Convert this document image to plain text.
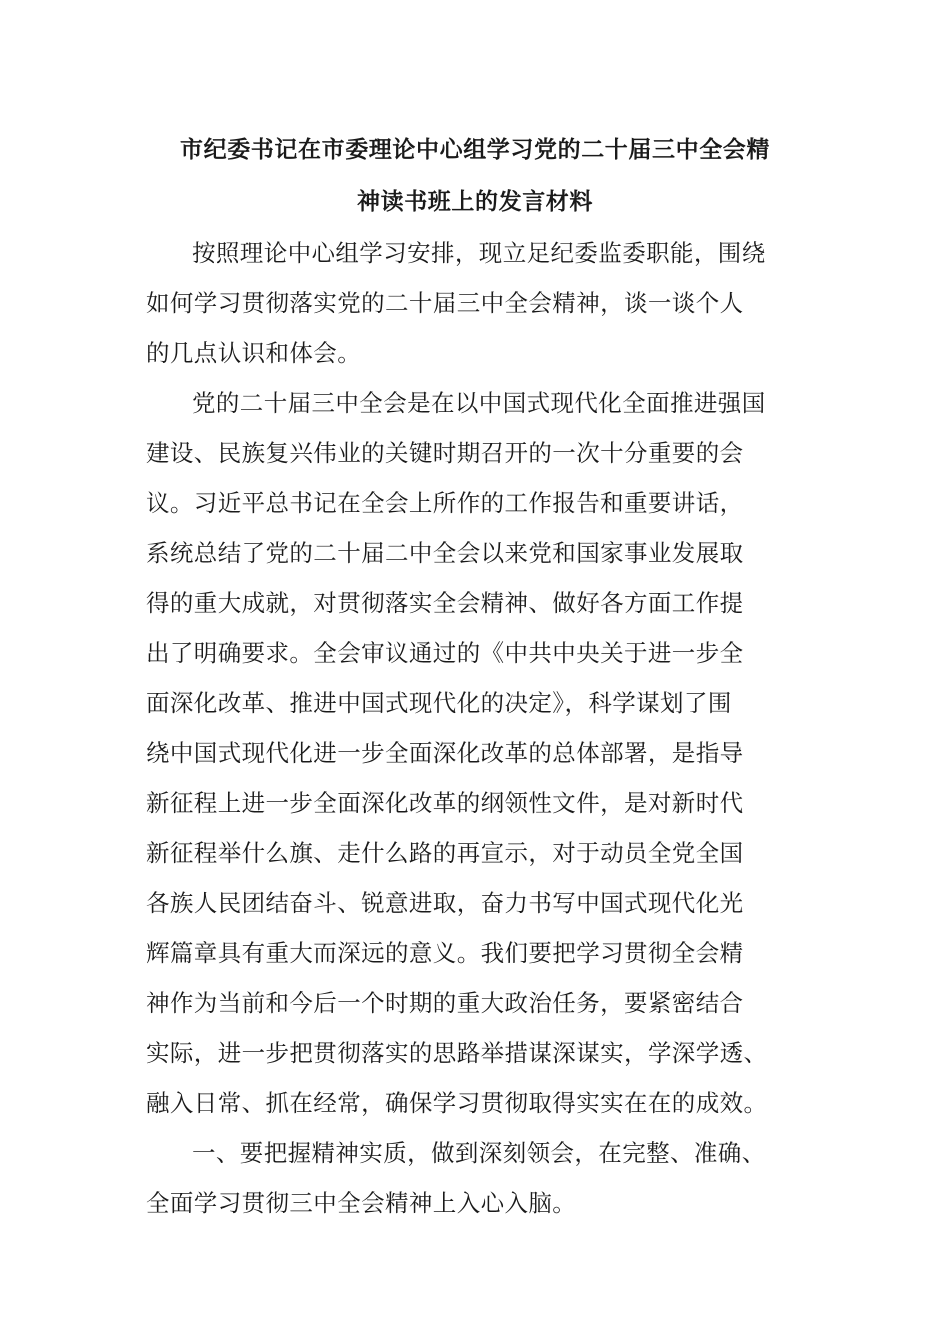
市纪委书记在市委理论中心组学习党的二十届三中全会精
神读书班上的发言材料

按照理论中心组学习安排，现立足纪委监委职能，围绕
如何学习贯彻落实党的二十届三中全会精神，谈一谈个人
的几点认识和体会。

党的二十届三中全会是在以中国式现代化全面推进强国
建设、民族复兴伟业的关键时期召开的一次十分重要的会
议。习近平总书记在全会上所作的工作报告和重要讲话，
系统总结了党的二十届二中全会以来党和国家事业发展取
得的重大成就，对贯彻落实全会精神、做好各方面工作提
出了明确要求。全会审议通过的《中共中央关于进一步全
面深化改革、推进中国式现代化的决定》，科学谋划了围
绕中国式现代化进一步全面深化改革的总体部署，是指导
新征程上进一步全面深化改革的纲领性文件，是对新时代
新征程举什么旗、走什么路的再宣示，对于动员全党全国
各族人民团结奋斗、锐意进取，奋力书写中国式现代化光
辉篇章具有重大而深远的意义。我们要把学习贯彻全会精
神作为当前和今后一个时期的重大政治任务，要紧密结合
实际，进一步把贯彻落实的思路举措谋深谋实，学深学透、
融入日常、抓在经常，确保学习贯彻取得实实在在的成效。

一、要把握精神实质，做到深刻领会，在完整、准确、
全面学习贯彻三中全会精神上入心入脑。
